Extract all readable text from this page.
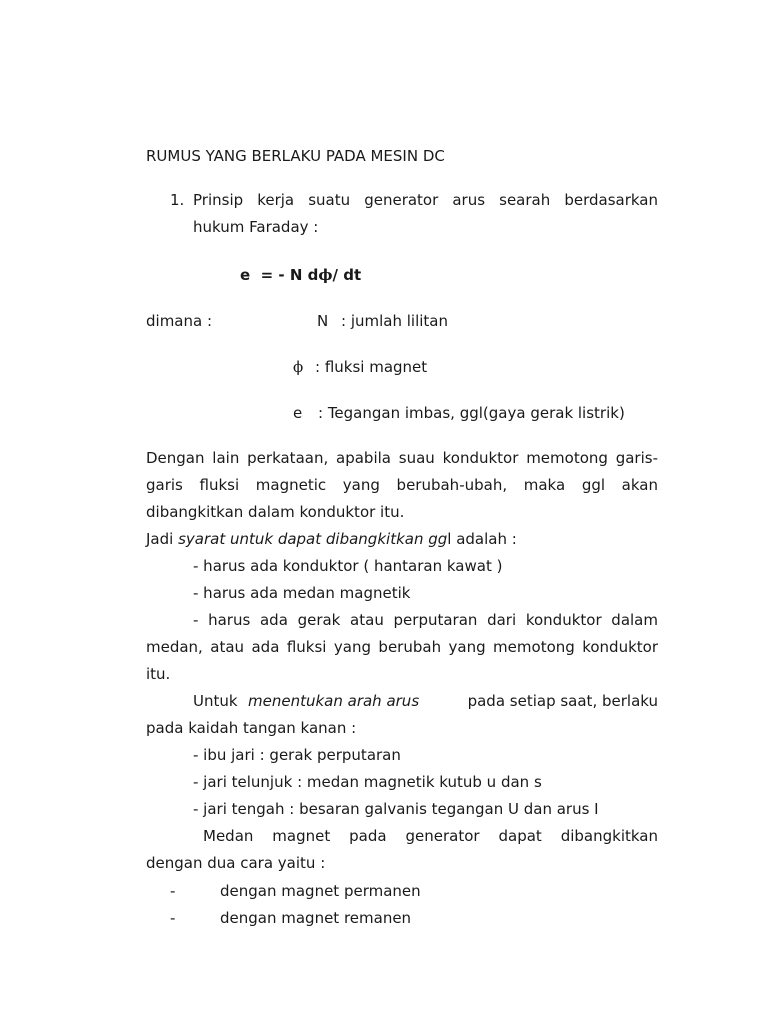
RUMUS YANG BERLAKU PADA MESIN DC
1. Prinsip kerja suatu generator arus searah berdasarkan
hukum Faraday :
e = - N dϕ/ dt
dimana :	N : jumlah lilitan
ϕ : fluksi magnet
e : Tegangan imbas, ggl(gaya gerak listrik)
Dengan lain perkataan, apabila suau konduktor memotong garis-
garis fluksi magnetic yang berubah-ubah, maka ggl akan
dibangkitkan dalam konduktor itu.
Jadi syarat untuk dapat dibangkitkan ggl adalah :
- harus ada konduktor ( hantaran kawat )
- harus ada medan magnetik
- harus ada gerak atau perputaran dari konduktor dalam
medan, atau ada fluksi yang berubah yang memotong konduktor
itu.
Untuk menentukan arah arus	pada setiap saat, berlaku
pada kaidah tangan kanan :
- ibu jari : gerak perputaran
- jari telunjuk : medan magnetik kutub u dan s
- jari tengah : besaran galvanis tegangan U dan arus I
Medan magnet pada generator dapat dibangkitkan
dengan dua cara yaitu :
-	dengan magnet permanen
-	dengan magnet remanen
